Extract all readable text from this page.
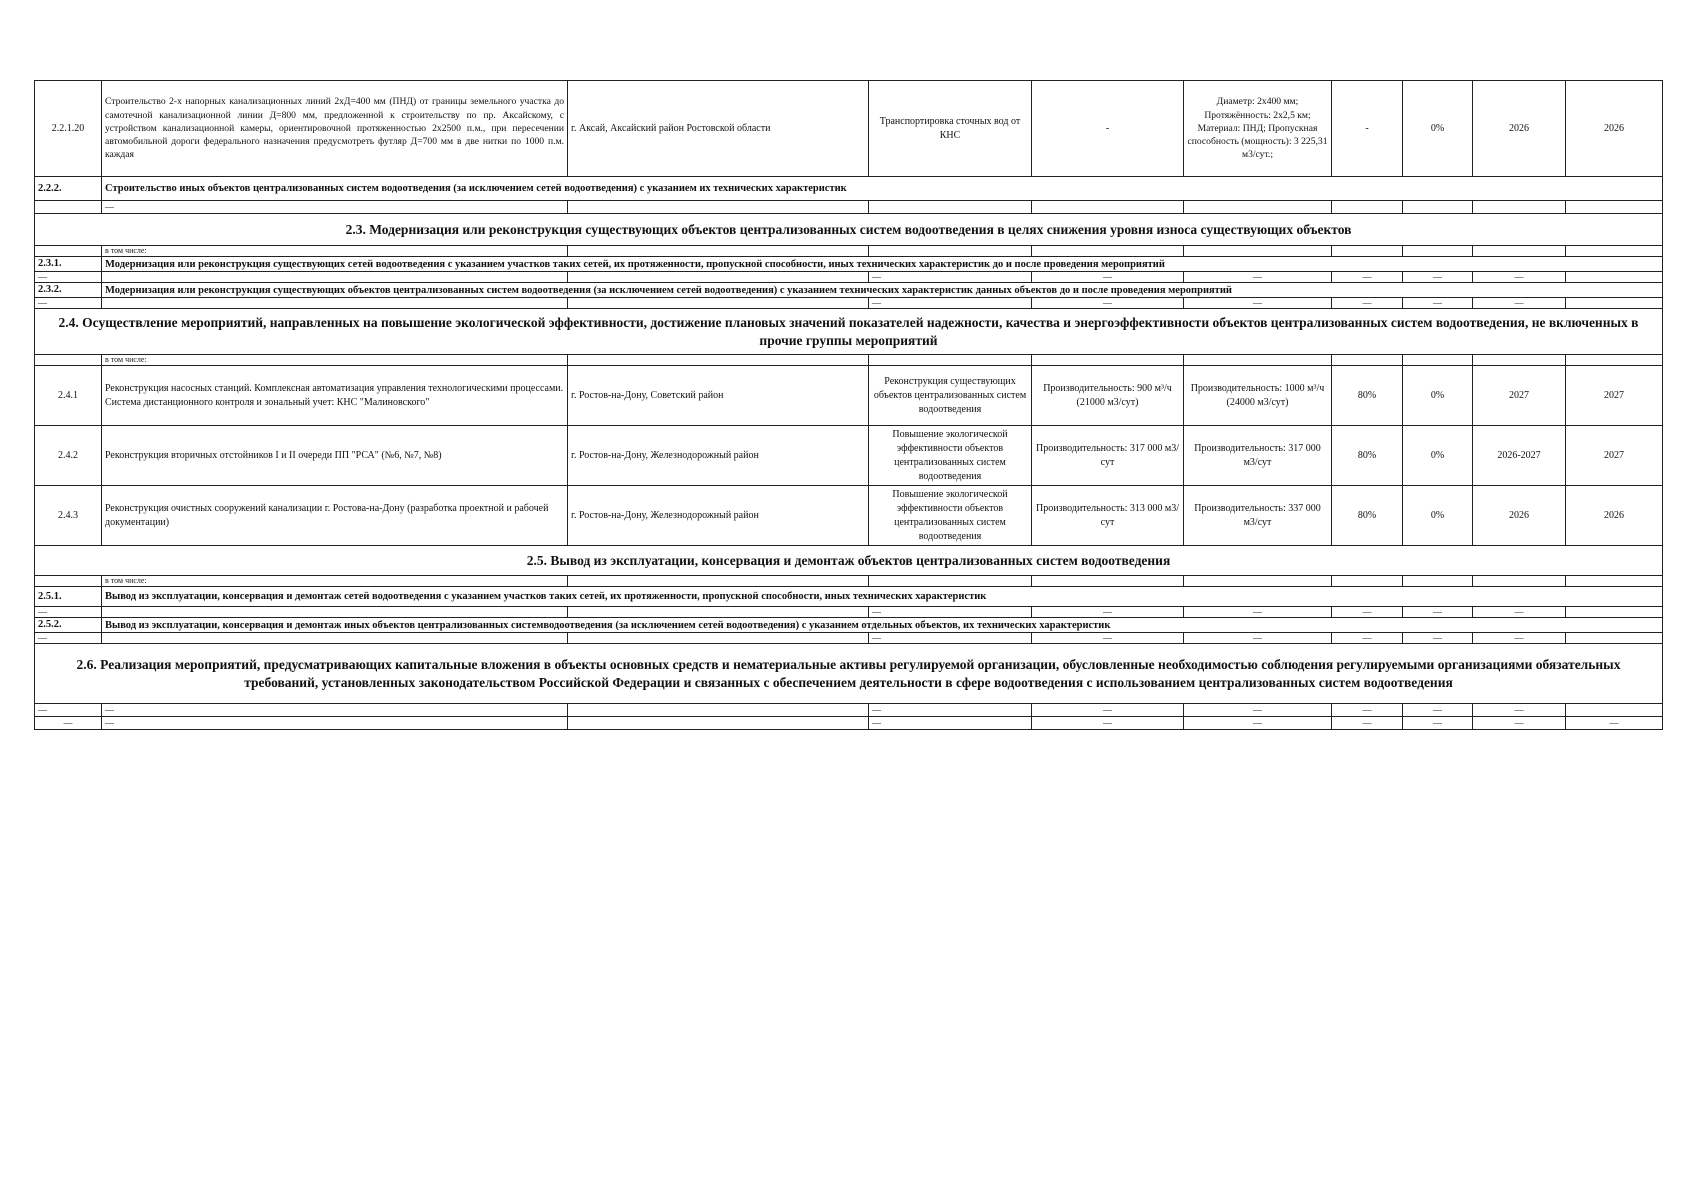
2.2.1.20	Строительство 2-х напорных канализационных линий 2хД=400 мм (ПНД) от границы земельного участка до самотечной канализационной линии Д=800 мм, предложенной к строительству по пр. Аксайскому, с устройством канализационной камеры, ориентировочной протяженностью 2х2500 п.м., при пересечении автомобильной дороги федерального назначения предусмотреть футляр Д=700 мм в две нитки по 1000 п.м. каждая	г. Аксай, Аксайский район Ростовской области	Транспортировка сточных вод от КНС	-	Диаметр: 2х400 мм; Протяжённость: 2х2,5 км; Материал: ПНД; Пропускная способность (мощность): 3 225,31 м3/сут.;	-	0%	2026	2026
2.2.2.	Строительство иных объектов централизованных систем водоотведения (за исключением сетей водоотведения) с указанием их технических характеристик								
	—								
2.3. Модернизация или реконструкция существующих объектов централизованных систем водоотведения в целях снижения уровня износа существующих объектов									
	в том числе:								
2.3.1.	Модернизация или реконструкция существующих сетей водоотведения с указанием участков таких сетей, их протяженности, пропускной способности, иных технических характеристик до и после проведения мероприятий								
—			—	—	—	—	—	—	
2.3.2.	Модернизация или реконструкция существующих объектов централизованных систем водоотведения (за исключением сетей водоотведения) с указанием технических характеристик данных объектов до и после проведения мероприятий								
—			—	—	—	—	—	—	
2.4. Осуществление мероприятий, направленных на повышение экологической эффективности, достижение плановых значений показателей надежности, качества и энергоэффективности объектов централизованных систем водоотведения, не включенных в прочие группы мероприятий									
	в том числе:								
2.4.1	Реконструкция насосных станций. Комплексная автоматизация управления технологическими процессами. Система дистанционного контроля и зональный учет: КНС "Малиновского"	г. Ростов-на-Дону, Советский район	Реконструкция существующих объектов централизованных систем водоотведения	Производительность: 900 м³/ч (21000 м3/сут)	Производительность: 1000 м³/ч (24000 м3/сут)	80%	0%	2027	2027
2.4.2	Реконструкция вторичных отстойников I и II очереди ПП "РСА" (№6, №7, №8)	г. Ростов-на-Дону, Железнодорожный район	Повышение экологической эффективности объектов централизованных систем водоотведения	Производительность: 317 000 м3/сут	Производительность: 317 000 м3/сут	80%	0%	2026-2027	2027
2.4.3	Реконструкция очистных сооружений канализации г. Ростова-на-Дону (разработка проектной и рабочей документации)	г. Ростов-на-Дону, Железнодорожный район	Повышение экологической эффективности объектов централизованных систем водоотведения	Производительность: 313 000 м3/сут	Производительность: 337 000 м3/сут	80%	0%	2026	2026
2.5. Вывод из эксплуатации, консервация и демонтаж объектов централизованных систем водоотведения									
	в том числе:								
2.5.1.	Вывод из эксплуатации, консервация и демонтаж сетей водоотведения с указанием участков таких сетей, их протяженности, пропускной способности, иных технических характеристик								
—			—	—	—	—	—	—	
2.5.2.	Вывод из эксплуатации, консервация и демонтаж иных объектов централизованных системводоотведения (за исключением сетей водоотведения) с указанием отдельных объектов, их технических характеристик								
—			—	—	—	—	—	—	
2.6. Реализация мероприятий, предусматривающих капитальные вложения в объекты основных средств и нематериальные активы регулируемой организации, обусловленные необходимостью соблюдения регулируемыми организациями обязательных требований, установленных законодательством Российской Федерации и связанных с обеспечением деятельности в сфере водоотведения с использованием централизованных систем водоотведения									
—	—		—	—	—	—	—	—	
—	—		—	—	—	—	—	—	—
